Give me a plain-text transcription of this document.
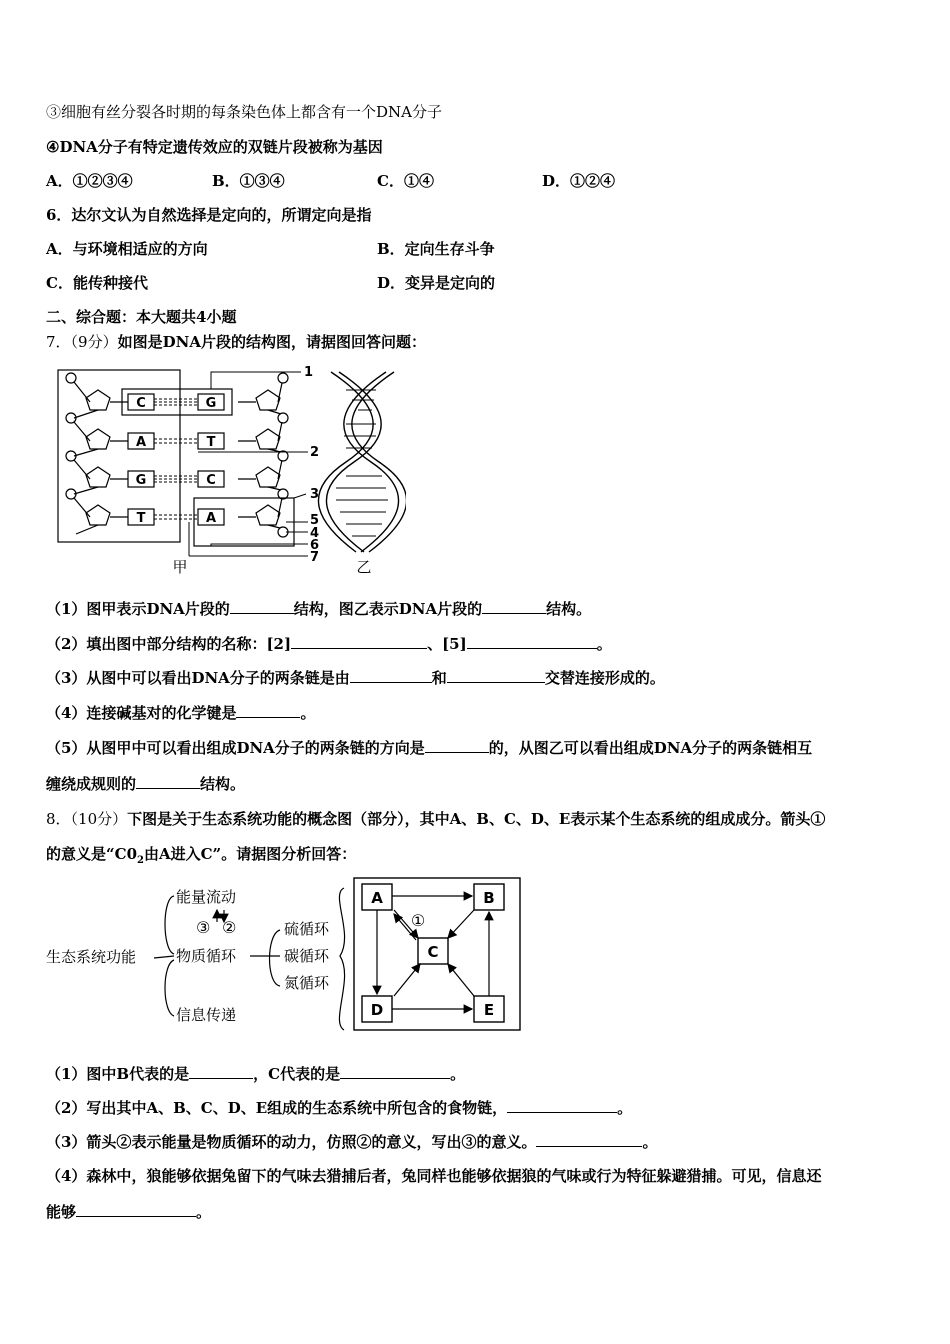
③细胞有丝分裂各时期的每条染色体上都含有一个DNA分子
④DNA分子有特定遗传效应的双链片段被称为基因
A．①②③④	B．①③④	C．①④	D．①②④
6．达尔文认为自然选择是定向的，所谓定向是指
A．与环境相适应的方向	B．定向生存斗争
C．能传种接代	D．变异是定向的
二、综合题：本大题共4小题
7．（9分）如图是DNA片段的结构图，请据图回答问题：
C
A
G
T
G
T
C
A
1
2
3
4
5
6
7
甲	乙
（1）图甲表示DNA片段的	结构，图乙表示DNA片段的	结构。
（2）填出图中部分结构的名称：[2]	、[5]	。
（3）从图中可以看出DNA分子的两条链是由	和	交替连接形成的。
（4）连接碱基对的化学键是	。
（5）从图甲中可以看出组成DNA分子的两条链的方向是	的，从图乙可以看出组成DNA分子的两条链相互
缠绕成规则的	结构。
8．（10分）下图是关于生态系统功能的概念图（部分），其中A、B、C、D、E表示某个生态系统的组成成分。箭头①
的意义是“$C0_2$由A进入C”。请据图分析回答：
生态系统功能
能量流动
物质循环
信息传递
③ ②	硫循环
碳循环
氮循环
A	B
C
D	E
①
（1）图中B代表的是	，C代表的是	。
（2）写出其中A、B、C、D、E组成的生态系统中所包含的食物链，	。
（3）箭头②表示能量是物质循环的动力，仿照②的意义，写出③的意义。	。
（4）森林中，狼能够依据兔留下的气味去猎捕后者，兔同样也能够依据狼的气味或行为特征躲避猎捕。可见，信息还
能够	。
